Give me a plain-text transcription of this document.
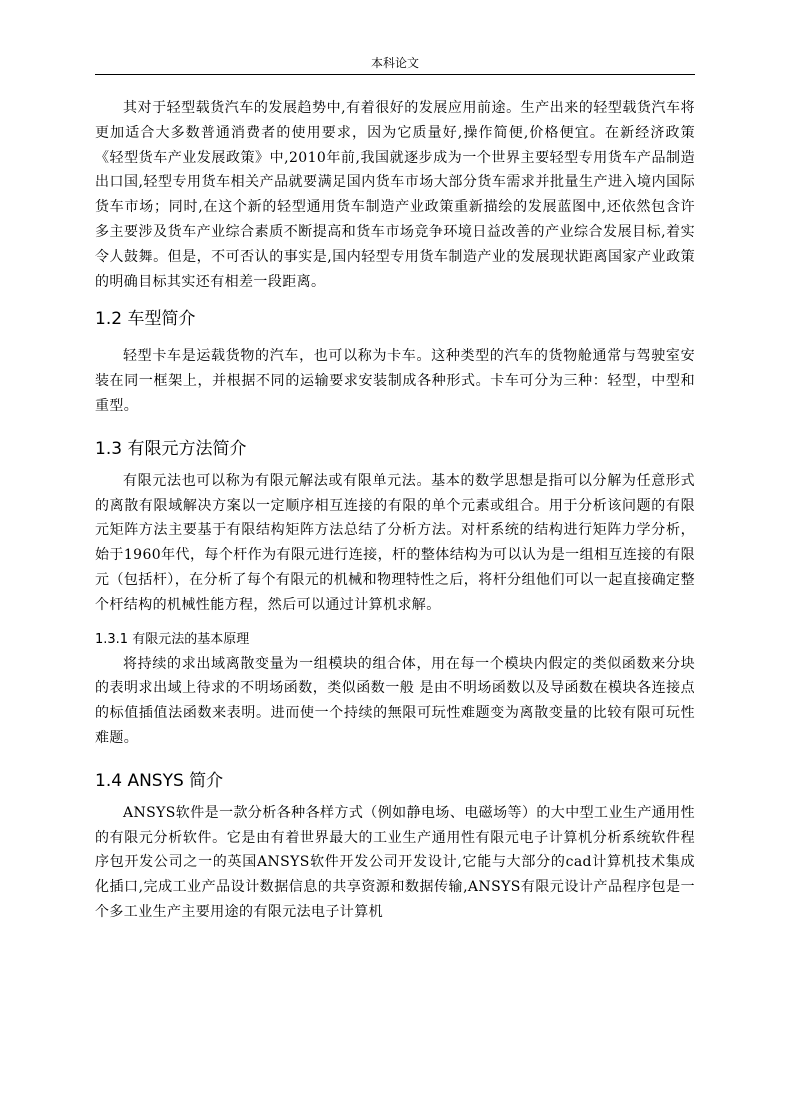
本科论文

其对于轻型载货汽车的发展趋势中,有着很好的发展应用前途。生产出来的轻型载货汽车将更加适合大多数普通消费者的使用要求，因为它质量好,操作简便,价格便宜。在新经济政策《轻型货车产业发展政策》中,2010年前,我国就逐步成为一个世界主要轻型专用货车产品制造出口国,轻型专用货车相关产品就要满足国内货车市场大部分货车需求并批量生产进入境内国际货车市场；同时,在这个新的轻型通用货车制造产业政策重新描绘的发展蓝图中,还依然包含许多主要涉及货车产业综合素质不断提高和货车市场竞争环境日益改善的产业综合发展目标,着实令人鼓舞。但是，不可否认的事实是,国内轻型专用货车制造产业的发展现状距离国家产业政策的明确目标其实还有相差一段距离。

1.2 车型简介

轻型卡车是运载货物的汽车，也可以称为卡车。这种类型的汽车的货物舱通常与驾驶室安装在同一框架上，并根据不同的运输要求安装制成各种形式。卡车可分为三种：轻型，中型和重型。

1.3 有限元方法简介

有限元法也可以称为有限元解法或有限单元法。基本的数学思想是指可以分解为任意形式的离散有限域解决方案以一定顺序相互连接的有限的单个元素或组合。用于分析该问题的有限元矩阵方法主要基于有限结构矩阵方法总结了分析方法。对杆系统的结构进行矩阵力学分析，始于1960年代，每个杆作为有限元进行连接，杆的整体结构为可以认为是一组相互连接的有限元（包括杆），在分析了每个有限元的机械和物理特性之后，将杆分组他们可以一起直接确定整个杆结构的机械性能方程，然后可以通过计算机求解。

1.3.1 有限元法的基本原理

将持续的求出域离散变量为一组模块的组合体，用在每一个模块内假定的类似函数来分块的表明求出域上待求的不明场函数，类似函数一般 是由不明场函数以及导函数在模块各连接点的标值插值法函数来表明。进而使一个持续的無限可玩性难题变为离散变量的比较有限可玩性难题。

1.4 ANSYS 简介

ANSYS软件是一款分析各种各样方式（例如静电场、电磁场等）的大中型工业生产通用性的有限元分析软件。它是由有着世界最大的工业生产通用性有限元电子计算机分析系统软件程序包开发公司之一的英国ANSYS软件开发公司开发设计,它能与大部分的cad计算机技术集成化插口,完成工业产品设计数据信息的共享资源和数据传输,ANSYS有限元设计产品程序包是一个多工业生产主要用途的有限元法电子计算机
